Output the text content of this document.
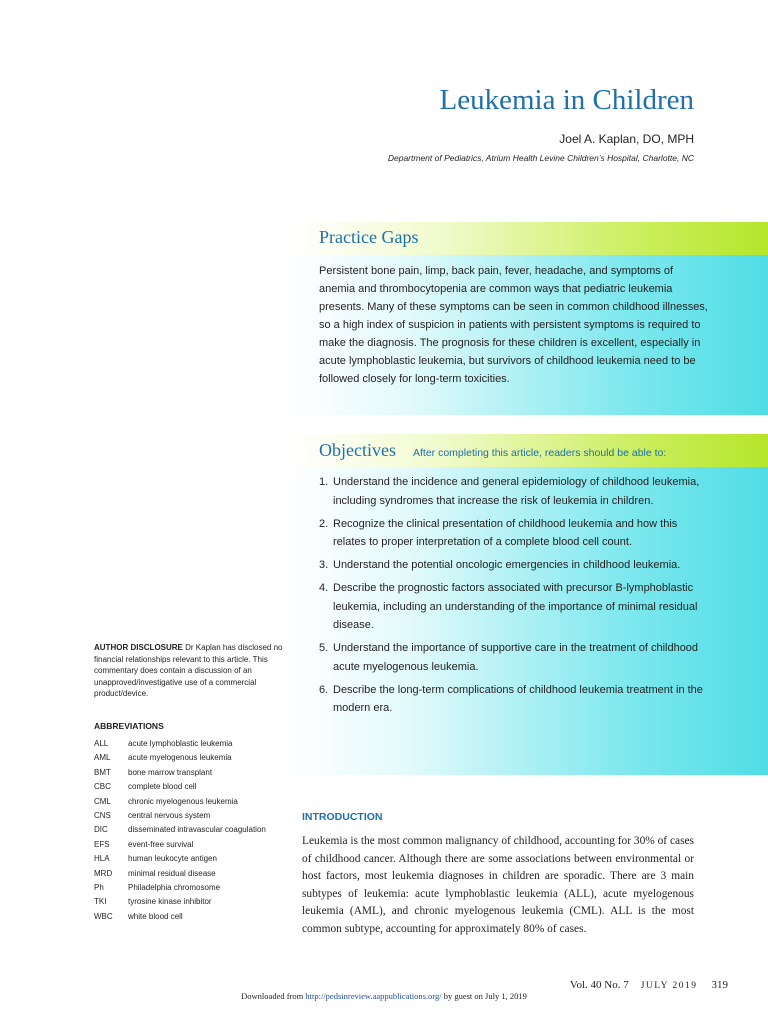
Leukemia in Children
Joel A. Kaplan, DO, MPH
Department of Pediatrics, Atrium Health Levine Children’s Hospital, Charlotte, NC
Practice Gaps

Persistent bone pain, limp, back pain, fever, headache, and symptoms of anemia and thrombocytopenia are common ways that pediatric leukemia presents. Many of these symptoms can be seen in common childhood illnesses, so a high index of suspicion in patients with persistent symptoms is required to make the diagnosis. The prognosis for these children is excellent, especially in acute lymphoblastic leukemia, but survivors of childhood leukemia need to be followed closely for long-term toxicities.

Objectives After completing this article, readers should be able to:
1. Understand the incidence and general epidemiology of childhood leukemia, including syndromes that increase the risk of leukemia in children.
2. Recognize the clinical presentation of childhood leukemia and how this relates to proper interpretation of a complete blood cell count.
3. Understand the potential oncologic emergencies in childhood leukemia.
4. Describe the prognostic factors associated with precursor B-lymphoblastic leukemia, including an understanding of the importance of minimal residual disease.
5. Understand the importance of supportive care in the treatment of childhood acute myelogenous leukemia.
6. Describe the long-term complications of childhood leukemia treatment in the modern era.
AUTHOR DISCLOSURE Dr Kaplan has disclosed no financial relationships relevant to this article. This commentary does contain a discussion of an unapproved/investigative use of a commercial product/device.
ABBREVIATIONS
ALL	acute lymphoblastic leukemia
AML	acute myelogenous leukemia
BMT	bone marrow transplant
CBC	complete blood cell
CML	chronic myelogenous leukemia
CNS	central nervous system
DIC	disseminated intravascular coagulation
EFS	event-free survival
HLA	human leukocyte antigen
MRD	minimal residual disease
Ph	Philadelphia chromosome
TKI	tyrosine kinase inhibitor
WBC	white blood cell
INTRODUCTION

Leukemia is the most common malignancy of childhood, accounting for 30% of cases of childhood cancer. Although there are some associations between environmental or host factors, most leukemia diagnoses in children are sporadic. There are 3 main subtypes of leukemia: acute lymphoblastic leukemia (ALL), acute myelogenous leukemia (AML), and chronic myelogenous leukemia (CML). ALL is the most common subtype, accounting for approximately 80% of cases.

Vol. 40 No. 7 JULY 2019 319
Downloaded from http://pedsinreview.aappublications.org/ by guest on July 1, 2019
